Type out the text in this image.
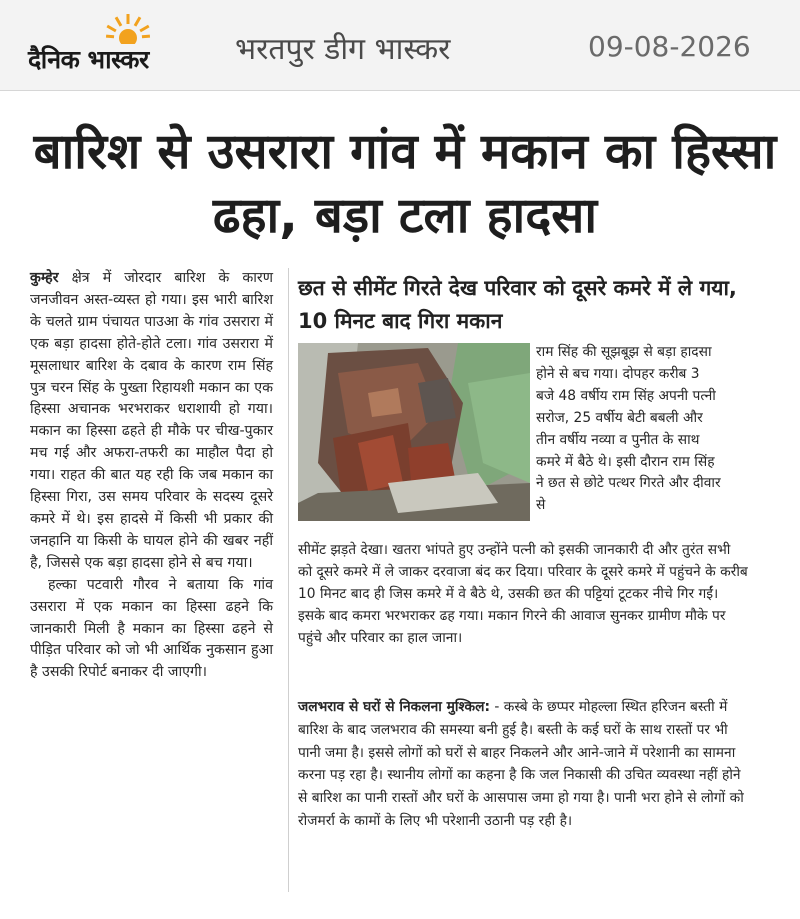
दैनिक भास्कर	भरतपुर डीग भास्कर	09-08-2026
बारिश से उसरारा गांव में मकान का हिस्सा ढहा, बड़ा टला हादसा

कुम्हेर क्षेत्र में जोरदार बारिश के कारण जनजीवन अस्त-व्यस्त हो गया। इस भारी बारिश के चलते ग्राम पंचायत पाउआ के गांव उसरारा में एक बड़ा हादसा होते-होते टला। गांव उसरारा में मूसलाधार बारिश के दबाव के कारण राम सिंह पुत्र चरन सिंह के पुख्ता रिहायशी मकान का एक हिस्सा अचानक भरभराकर धराशायी हो गया। मकान का हिस्सा ढहते ही मौके पर चीख-पुकार मच गई और अफरा-तफरी का माहौल पैदा हो गया। राहत की बात यह रही कि जब मकान का हिस्सा गिरा, उस समय परिवार के सदस्य दूसरे कमरे में थे। इस हादसे में किसी भी प्रकार की जनहानि या किसी के घायल होने की खबर नहीं है, जिससे एक बड़ा हादसा होने से बच गया।

हल्का पटवारी गौरव ने बताया कि गांव उसरारा में एक मकान का हिस्सा ढहने कि जानकारी मिली है मकान का हिस्सा ढहने से पीड़ित परिवार को जो भी आर्थिक नुकसान हुआ है उसकी रिपोर्ट बनाकर दी जाएगी।

छत से सीमेंट गिरते देख परिवार को दूसरे कमरे में ले गया, 10 मिनट बाद गिरा मकान
राम सिंह की सूझबूझ से बड़ा हादसा होने से बच गया। दोपहर करीब 3 बजे 48 वर्षीय राम सिंह अपनी पत्नी सरोज, 25 वर्षीय बेटी बबली और तीन वर्षीय नव्या व पुनीत के साथ कमरे में बैठे थे। इसी दौरान राम सिंह ने छत से छोटे पत्थर गिरते और दीवार से

सीमेंट झड़ते देखा। खतरा भांपते हुए उन्होंने पत्नी को इसकी जानकारी दी और तुरंत सभी को दूसरे कमरे में ले जाकर दरवाजा बंद कर दिया। परिवार के दूसरे कमरे में पहुंचने के करीब 10 मिनट बाद ही जिस कमरे में वे बैठे थे, उसकी छत की पट्टियां टूटकर नीचे गिर गईं। इसके बाद कमरा भरभराकर ढह गया। मकान गिरने की आवाज सुनकर ग्रामीण मौके पर पहुंचे और परिवार का हाल जाना।

जलभराव से घरों से निकलना मुश्किल: - कस्बे के छप्पर मोहल्ला स्थित हरिजन बस्ती में बारिश के बाद जलभराव की समस्या बनी हुई है। बस्ती के कई घरों के साथ रास्तों पर भी पानी जमा है। इससे लोगों को घरों से बाहर निकलने और आने-जाने में परेशानी का सामना करना पड़ रहा है। स्थानीय लोगों का कहना है कि जल निकासी की उचित व्यवस्था नहीं होने से बारिश का पानी रास्तों और घरों के आसपास जमा हो गया है। पानी भरा होने से लोगों को रोजमर्रा के कामों के लिए भी परेशानी उठानी पड़ रही है।
